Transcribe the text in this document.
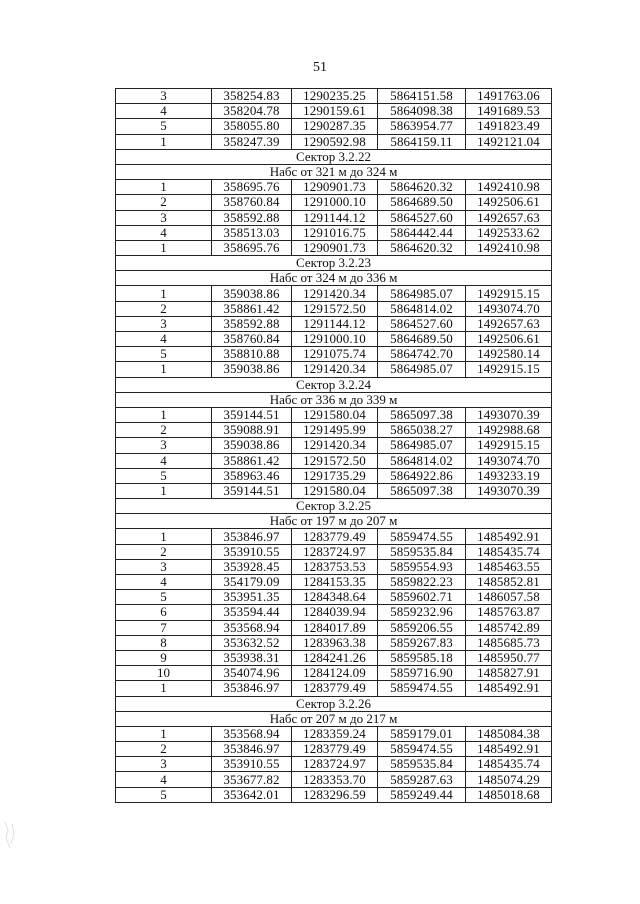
51
3	358254.83	1290235.25	5864151.58	1491763.06
4	358204.78	1290159.61	5864098.38	1491689.53
5	358055.80	1290287.35	5863954.77	1491823.49
1	358247.39	1290592.98	5864159.11	1492121.04
Сектор 3.2.22				
Набс от 321 м до 324 м				
1	358695.76	1290901.73	5864620.32	1492410.98
2	358760.84	1291000.10	5864689.50	1492506.61
3	358592.88	1291144.12	5864527.60	1492657.63
4	358513.03	1291016.75	5864442.44	1492533.62
1	358695.76	1290901.73	5864620.32	1492410.98
Сектор 3.2.23				
Набс от 324 м до 336 м				
1	359038.86	1291420.34	5864985.07	1492915.15
2	358861.42	1291572.50	5864814.02	1493074.70
3	358592.88	1291144.12	5864527.60	1492657.63
4	358760.84	1291000.10	5864689.50	1492506.61
5	358810.88	1291075.74	5864742.70	1492580.14
1	359038.86	1291420.34	5864985.07	1492915.15
Сектор 3.2.24				
Набс от 336 м до 339 м				
1	359144.51	1291580.04	5865097.38	1493070.39
2	359088.91	1291495.99	5865038.27	1492988.68
3	359038.86	1291420.34	5864985.07	1492915.15
4	358861.42	1291572.50	5864814.02	1493074.70
5	358963.46	1291735.29	5864922.86	1493233.19
1	359144.51	1291580.04	5865097.38	1493070.39
Сектор 3.2.25				
Набс от 197 м до 207 м				
1	353846.97	1283779.49	5859474.55	1485492.91
2	353910.55	1283724.97	5859535.84	1485435.74
3	353928.45	1283753.53	5859554.93	1485463.55
4	354179.09	1284153.35	5859822.23	1485852.81
5	353951.35	1284348.64	5859602.71	1486057.58
6	353594.44	1284039.94	5859232.96	1485763.87
7	353568.94	1284017.89	5859206.55	1485742.89
8	353632.52	1283963.38	5859267.83	1485685.73
9	353938.31	1284241.26	5859585.18	1485950.77
10	354074.96	1284124.09	5859716.90	1485827.91
1	353846.97	1283779.49	5859474.55	1485492.91
Сектор 3.2.26				
Набс от 207 м до 217 м				
1	353568.94	1283359.24	5859179.01	1485084.38
2	353846.97	1283779.49	5859474.55	1485492.91
3	353910.55	1283724.97	5859535.84	1485435.74
4	353677.82	1283353.70	5859287.63	1485074.29
5	353642.01	1283296.59	5859249.44	1485018.68
